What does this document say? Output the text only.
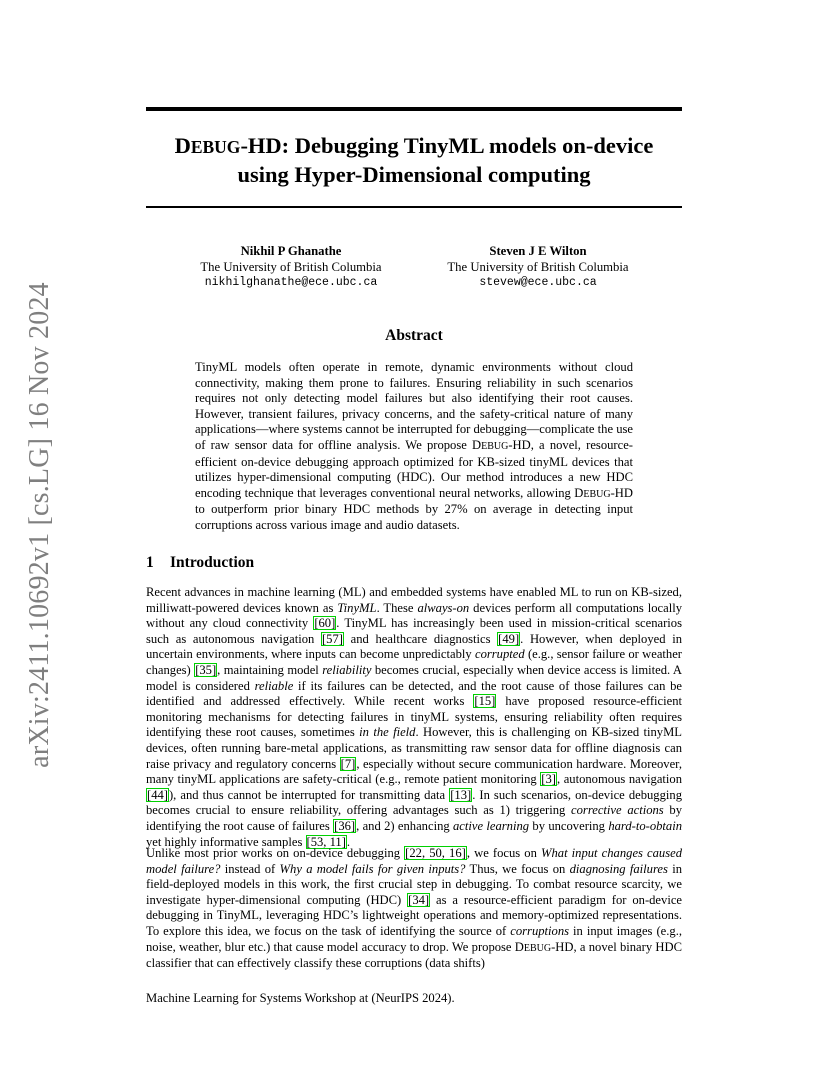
arXiv:2411.10692v1 [cs.LG] 16 Nov 2024
DEBUG-HD: Debugging TinyML models on-device
using Hyper-Dimensional computing
Nikhil P Ghanathe
The University of British Columbia
nikhilghanathe@ece.ubc.ca
Steven J E Wilton
The University of British Columbia
stevew@ece.ubc.ca
Abstract

TinyML models often operate in remote, dynamic environments without cloud connectivity, making them prone to failures. Ensuring reliability in such scenarios requires not only detecting model failures but also identifying their root causes. However, transient failures, privacy concerns, and the safety-critical nature of many applications—where systems cannot be interrupted for debugging—complicate the use of raw sensor data for offline analysis. We propose DEBUG-HD, a novel, resource-efficient on-device debugging approach optimized for KB-sized tinyML devices that utilizes hyper-dimensional computing (HDC). Our method introduces a new HDC encoding technique that leverages conventional neural networks, allowing DEBUG-HD to outperform prior binary HDC methods by 27% on average in detecting input corruptions across various image and audio datasets.

1 Introduction

Recent advances in machine learning (ML) and embedded systems have enabled ML to run on KB-sized, milliwatt-powered devices known as TinyML. These always-on devices perform all computations locally without any cloud connectivity [60]. TinyML has increasingly been used in mission-critical scenarios such as autonomous navigation [57] and healthcare diagnostics [49]. However, when deployed in uncertain environments, where inputs can become unpredictably corrupted (e.g., sensor failure or weather changes) [35], maintaining model reliability becomes crucial, especially when device access is limited. A model is considered reliable if its failures can be detected, and the root cause of those failures can be identified and addressed effectively. While recent works [15] have proposed resource-efficient monitoring mechanisms for detecting failures in tinyML systems, ensuring reliability often requires identifying these root causes, sometimes in the field. However, this is challenging on KB-sized tinyML devices, often running bare-metal applications, as transmitting raw sensor data for offline diagnosis can raise privacy and regulatory concerns [7], especially without secure communication hardware. Moreover, many tinyML applications are safety-critical (e.g., remote patient monitoring [3], autonomous navigation [44]), and thus cannot be interrupted for transmitting data [13]. In such scenarios, on-device debugging becomes crucial to ensure reliability, offering advantages such as 1) triggering corrective actions by identifying the root cause of failures [36], and 2) enhancing active learning by uncovering hard-to-obtain yet highly informative samples [53, 11].

Unlike most prior works on on-device debugging [22, 50, 16], we focus on What input changes caused model failure? instead of Why a model fails for given inputs? Thus, we focus on diagnosing failures in field-deployed models in this work, the first crucial step in debugging. To combat resource scarcity, we investigate hyper-dimensional computing (HDC) [34] as a resource-efficient paradigm for on-device debugging in TinyML, leveraging HDC’s lightweight operations and memory-optimized representations. To explore this idea, we focus on the task of identifying the source of corruptions in input images (e.g., noise, weather, blur etc.) that cause model accuracy to drop. We propose DEBUG-HD, a novel binary HDC classifier that can effectively classify these corruptions (data shifts)

Machine Learning for Systems Workshop at (NeurIPS 2024).
